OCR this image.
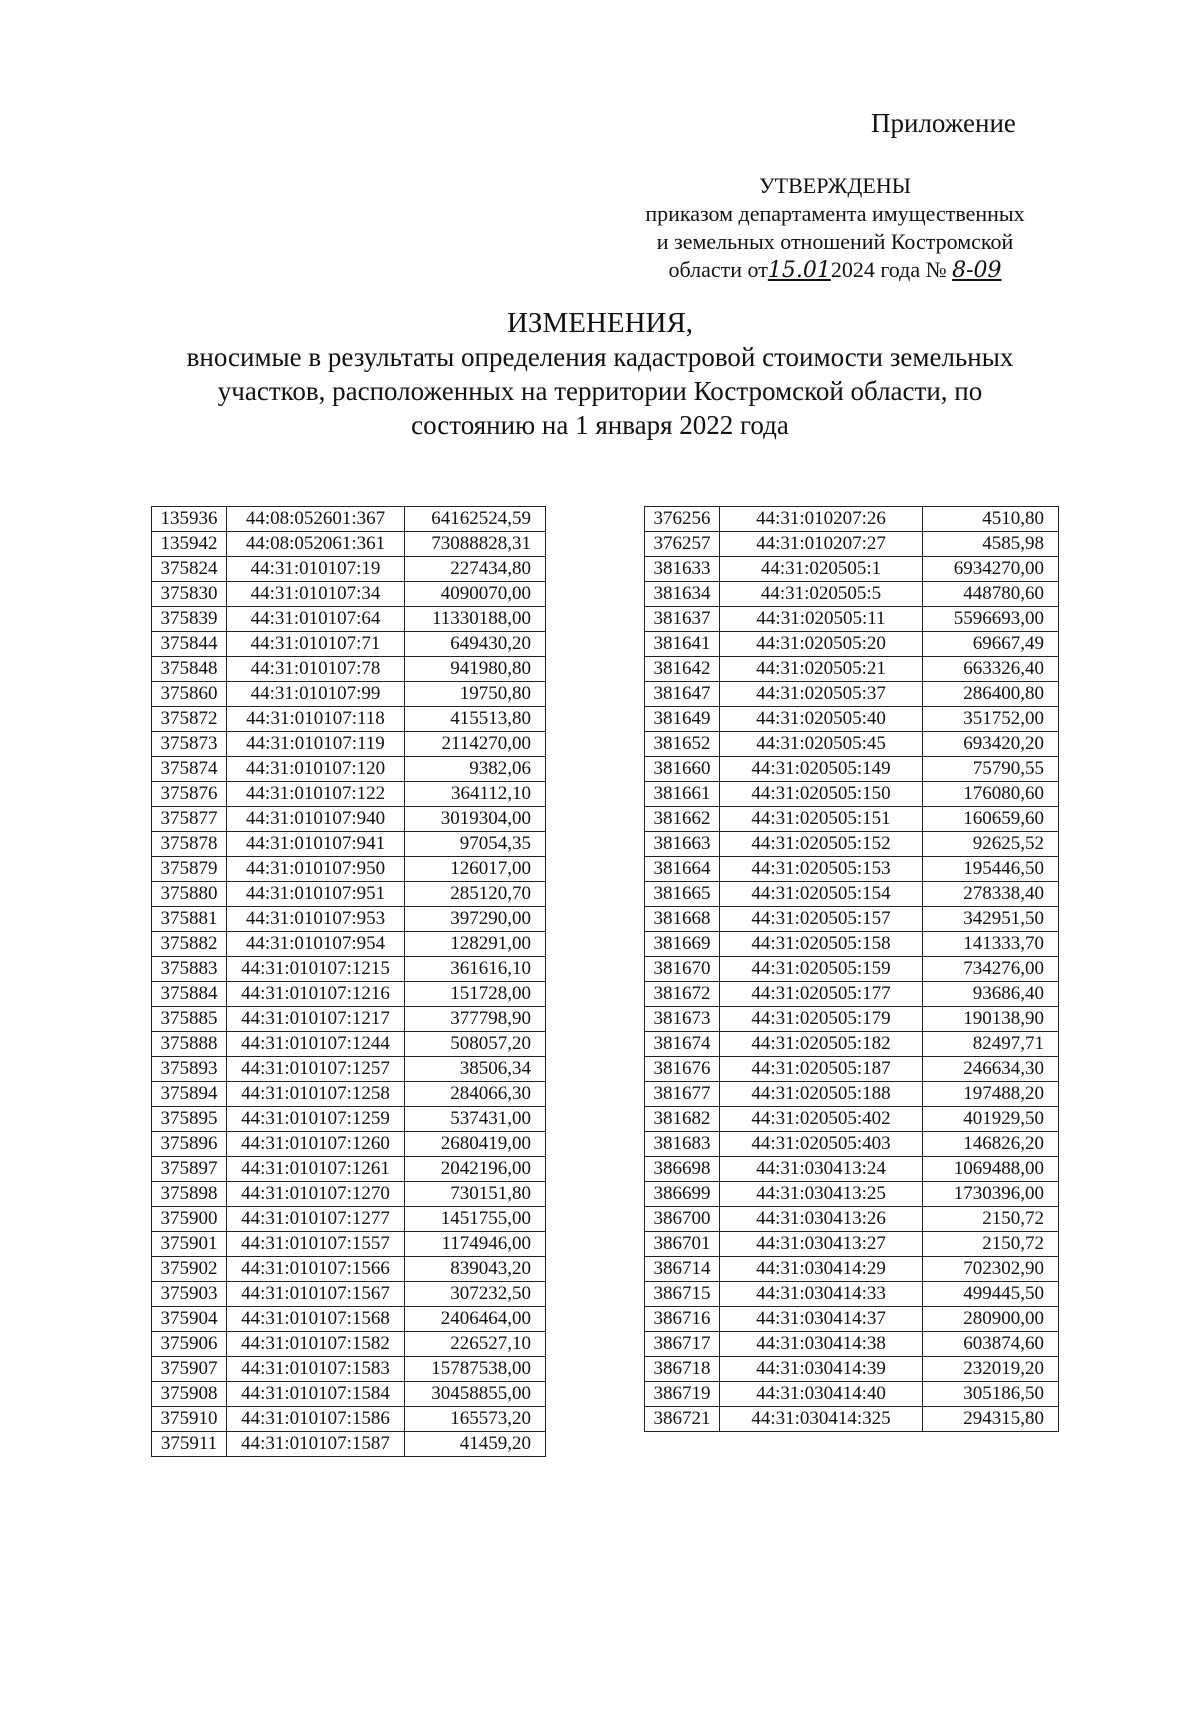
Приложение
УТВЕРЖДЕНЫ
приказом департамента имущественных
и земельных отношений Костромской
области от15.012024 года № 8-09
ИЗМЕНЕНИЯ,
вносимые в результаты определения кадастровой стоимости земельных
участков, расположенных на территории Костромской области, по
состоянию на 1 января 2022 года
135936	44:08:052601:367	64162524,59
135942	44:08:052061:361	73088828,31
375824	44:31:010107:19	227434,80
375830	44:31:010107:34	4090070,00
375839	44:31:010107:64	11330188,00
375844	44:31:010107:71	649430,20
375848	44:31:010107:78	941980,80
375860	44:31:010107:99	19750,80
375872	44:31:010107:118	415513,80
375873	44:31:010107:119	2114270,00
375874	44:31:010107:120	9382,06
375876	44:31:010107:122	364112,10
375877	44:31:010107:940	3019304,00
375878	44:31:010107:941	97054,35
375879	44:31:010107:950	126017,00
375880	44:31:010107:951	285120,70
375881	44:31:010107:953	397290,00
375882	44:31:010107:954	128291,00
375883	44:31:010107:1215	361616,10
375884	44:31:010107:1216	151728,00
375885	44:31:010107:1217	377798,90
375888	44:31:010107:1244	508057,20
375893	44:31:010107:1257	38506,34
375894	44:31:010107:1258	284066,30
375895	44:31:010107:1259	537431,00
375896	44:31:010107:1260	2680419,00
375897	44:31:010107:1261	2042196,00
375898	44:31:010107:1270	730151,80
375900	44:31:010107:1277	1451755,00
375901	44:31:010107:1557	1174946,00
375902	44:31:010107:1566	839043,20
375903	44:31:010107:1567	307232,50
375904	44:31:010107:1568	2406464,00
375906	44:31:010107:1582	226527,10
375907	44:31:010107:1583	15787538,00
375908	44:31:010107:1584	30458855,00
375910	44:31:010107:1586	165573,20
375911	44:31:010107:1587	41459,20
376256	44:31:010207:26	4510,80
376257	44:31:010207:27	4585,98
381633	44:31:020505:1	6934270,00
381634	44:31:020505:5	448780,60
381637	44:31:020505:11	5596693,00
381641	44:31:020505:20	69667,49
381642	44:31:020505:21	663326,40
381647	44:31:020505:37	286400,80
381649	44:31:020505:40	351752,00
381652	44:31:020505:45	693420,20
381660	44:31:020505:149	75790,55
381661	44:31:020505:150	176080,60
381662	44:31:020505:151	160659,60
381663	44:31:020505:152	92625,52
381664	44:31:020505:153	195446,50
381665	44:31:020505:154	278338,40
381668	44:31:020505:157	342951,50
381669	44:31:020505:158	141333,70
381670	44:31:020505:159	734276,00
381672	44:31:020505:177	93686,40
381673	44:31:020505:179	190138,90
381674	44:31:020505:182	82497,71
381676	44:31:020505:187	246634,30
381677	44:31:020505:188	197488,20
381682	44:31:020505:402	401929,50
381683	44:31:020505:403	146826,20
386698	44:31:030413:24	1069488,00
386699	44:31:030413:25	1730396,00
386700	44:31:030413:26	2150,72
386701	44:31:030413:27	2150,72
386714	44:31:030414:29	702302,90
386715	44:31:030414:33	499445,50
386716	44:31:030414:37	280900,00
386717	44:31:030414:38	603874,60
386718	44:31:030414:39	232019,20
386719	44:31:030414:40	305186,50
386721	44:31:030414:325	294315,80
